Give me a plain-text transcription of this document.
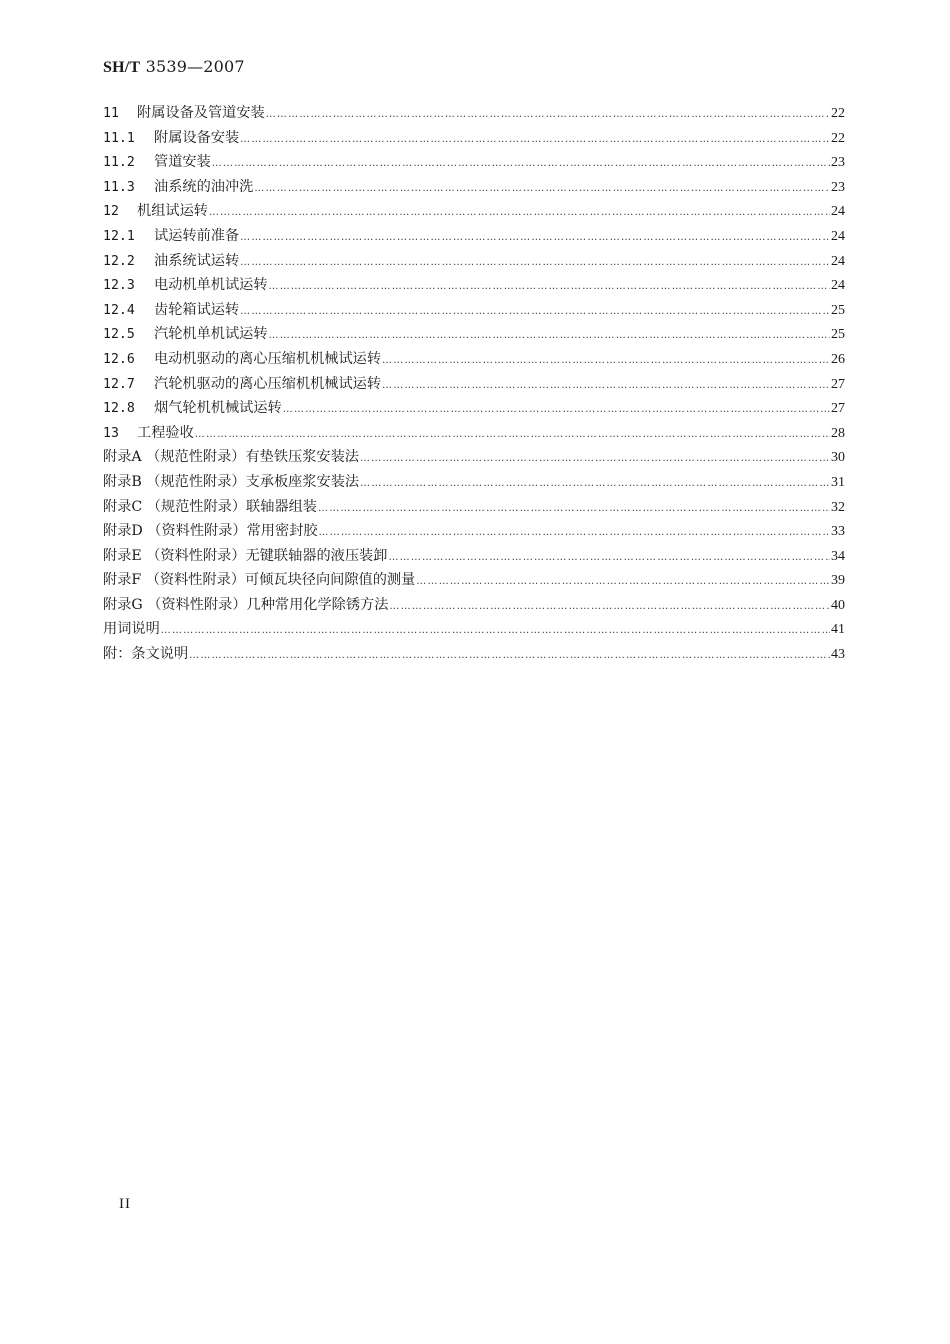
SH/T 3539—2007
11	附属设备及管道安装 ……………………………………………………………………………………………………………………………………………………………………………………………………………………………………………………………	22
11.1	附属设备安装 ……………………………………………………………………………………………………………………………………………………………………………………………………………………………………………………………	22
11.2	管道安装 ……………………………………………………………………………………………………………………………………………………………………………………………………………………………………………………………	23
11.3	油系统的油冲洗 ……………………………………………………………………………………………………………………………………………………………………………………………………………………………………………………………	23
12	机组试运转 ……………………………………………………………………………………………………………………………………………………………………………………………………………………………………………………………	24
12.1	试运转前准备 ……………………………………………………………………………………………………………………………………………………………………………………………………………………………………………………………	24
12.2	油系统试运转 ……………………………………………………………………………………………………………………………………………………………………………………………………………………………………………………………	24
12.3	电动机单机试运转 ……………………………………………………………………………………………………………………………………………………………………………………………………………………………………………………………	24
12.4	齿轮箱试运转 ……………………………………………………………………………………………………………………………………………………………………………………………………………………………………………………………	25
12.5	汽轮机单机试运转 ……………………………………………………………………………………………………………………………………………………………………………………………………………………………………………………………	25
12.6	电动机驱动的离心压缩机机械试运转 ……………………………………………………………………………………………………………………………………………………………………………………………………………………………………………………………	26
12.7	汽轮机驱动的离心压缩机机械试运转 ……………………………………………………………………………………………………………………………………………………………………………………………………………………………………………………………	27
12.8	烟气轮机机械试运转 ……………………………………………………………………………………………………………………………………………………………………………………………………………………………………………………………	27
13	工程验收 ……………………………………………………………………………………………………………………………………………………………………………………………………………………………………………………………	28
附录A （规范性附录）有垫铁压浆安装法 ……………………………………………………………………………………………………………………………………………………………………………………………………………………………………………………………	30
附录B （规范性附录）支承板座浆安装法 ……………………………………………………………………………………………………………………………………………………………………………………………………………………………………………………………	31
附录C （规范性附录）联轴器组装 ……………………………………………………………………………………………………………………………………………………………………………………………………………………………………………………………	32
附录D （资料性附录）常用密封胶 ……………………………………………………………………………………………………………………………………………………………………………………………………………………………………………………………	33
附录E （资料性附录）无键联轴器的液压装卸 ……………………………………………………………………………………………………………………………………………………………………………………………………………………………………………………………	34
附录F （资料性附录）可倾瓦块径向间隙值的测量 ……………………………………………………………………………………………………………………………………………………………………………………………………………………………………………………………	39
附录G （资料性附录）几种常用化学除锈方法 ……………………………………………………………………………………………………………………………………………………………………………………………………………………………………………………………	40
用词说明 ……………………………………………………………………………………………………………………………………………………………………………………………………………………………………………………………	41
附：条文说明 ……………………………………………………………………………………………………………………………………………………………………………………………………………………………………………………………	43
II
